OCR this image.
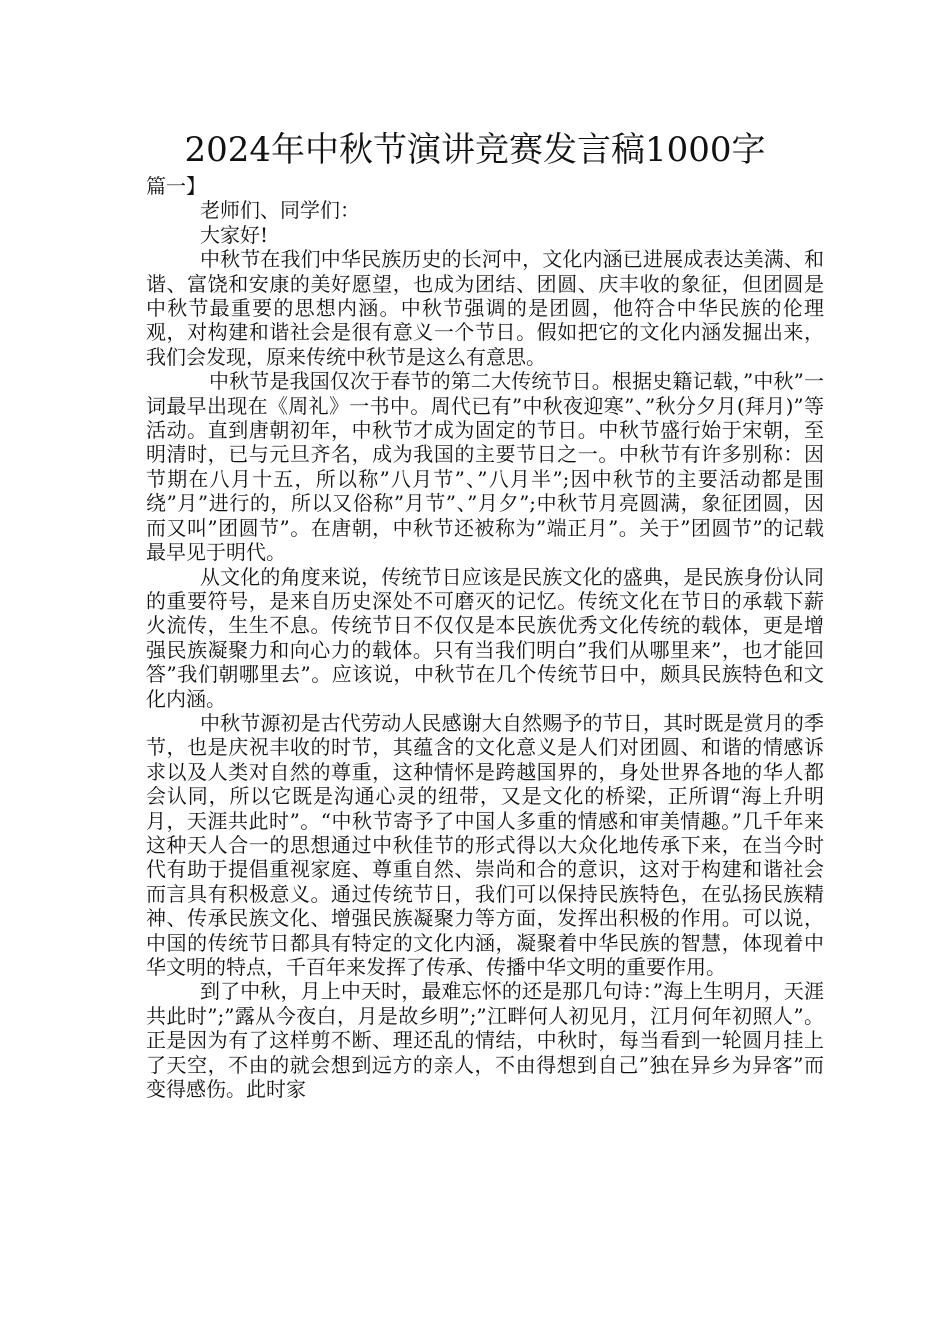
2024年中秋节演讲竞赛发言稿1000字

篇一】

老师们、同学们：

大家好!

中秋节在我们中华民族历史的长河中，文化内涵已进展成表达美满、和谐、富饶和安康的美好愿望，也成为团结、团圆、庆丰收的象征，但团圆是中秋节最重要的思想内涵。中秋节强调的是团圆，他符合中华民族的伦理观，对构建和谐社会是很有意义一个节日。假如把它的文化内涵发掘出来，我们会发现，原来传统中秋节是这么有意思。

中秋节是我国仅次于春节的第二大传统节日。根据史籍记载，”中秋”一词最早出现在《周礼》一书中。周代已有”中秋夜迎寒”、”秋分夕月(拜月)”等活动。直到唐朝初年，中秋节才成为固定的节日。中秋节盛行始于宋朝，至明清时，已与元旦齐名，成为我国的主要节日之一。中秋节有许多别称：因节期在八月十五，所以称”八月节”、”八月半”;因中秋节的主要活动都是围绕”月”进行的，所以又俗称”月节”、”月夕”;中秋节月亮圆满，象征团圆，因而又叫”团圆节”。在唐朝，中秋节还被称为”端正月”。关于”团圆节”的记载最早见于明代。

从文化的角度来说，传统节日应该是民族文化的盛典，是民族身份认同的重要符号，是来自历史深处不可磨灭的记忆。传统文化在节日的承载下薪火流传，生生不息。传统节日不仅仅是本民族优秀文化传统的载体，更是增强民族凝聚力和向心力的载体。只有当我们明白”我们从哪里来”，也才能回答”我们朝哪里去”。应该说，中秋节在几个传统节日中，颇具民族特色和文化内涵。

中秋节源初是古代劳动人民感谢大自然赐予的节日，其时既是赏月的季节，也是庆祝丰收的时节，其蕴含的文化意义是人们对团圆、和谐的情感诉求以及人类对自然的尊重，这种情怀是跨越国界的，身处世界各地的华人都会认同，所以它既是沟通心灵的纽带，又是文化的桥梁，正所谓“海上升明月，天涯共此时”。“中秋节寄予了中国人多重的情感和审美情趣。”几千年来这种天人合一的思想通过中秋佳节的形式得以大众化地传承下来，在当今时代有助于提倡重视家庭、尊重自然、崇尚和合的意识，这对于构建和谐社会而言具有积极意义。通过传统节日，我们可以保持民族特色，在弘扬民族精神、传承民族文化、增强民族凝聚力等方面，发挥出积极的作用。可以说，中国的传统节日都具有特定的文化内涵，凝聚着中华民族的智慧，体现着中华文明的特点，千百年来发挥了传承、传播中华文明的重要作用。

到了中秋，月上中天时，最难忘怀的还是那几句诗：”海上生明月，天涯共此时”;”露从今夜白，月是故乡明”;”江畔何人初见月，江月何年初照人”。正是因为有了这样剪不断、理还乱的情结，中秋时，每当看到一轮圆月挂上了天空，不由的就会想到远方的亲人，不由得想到自己”独在异乡为异客”而变得感伤。此时家
